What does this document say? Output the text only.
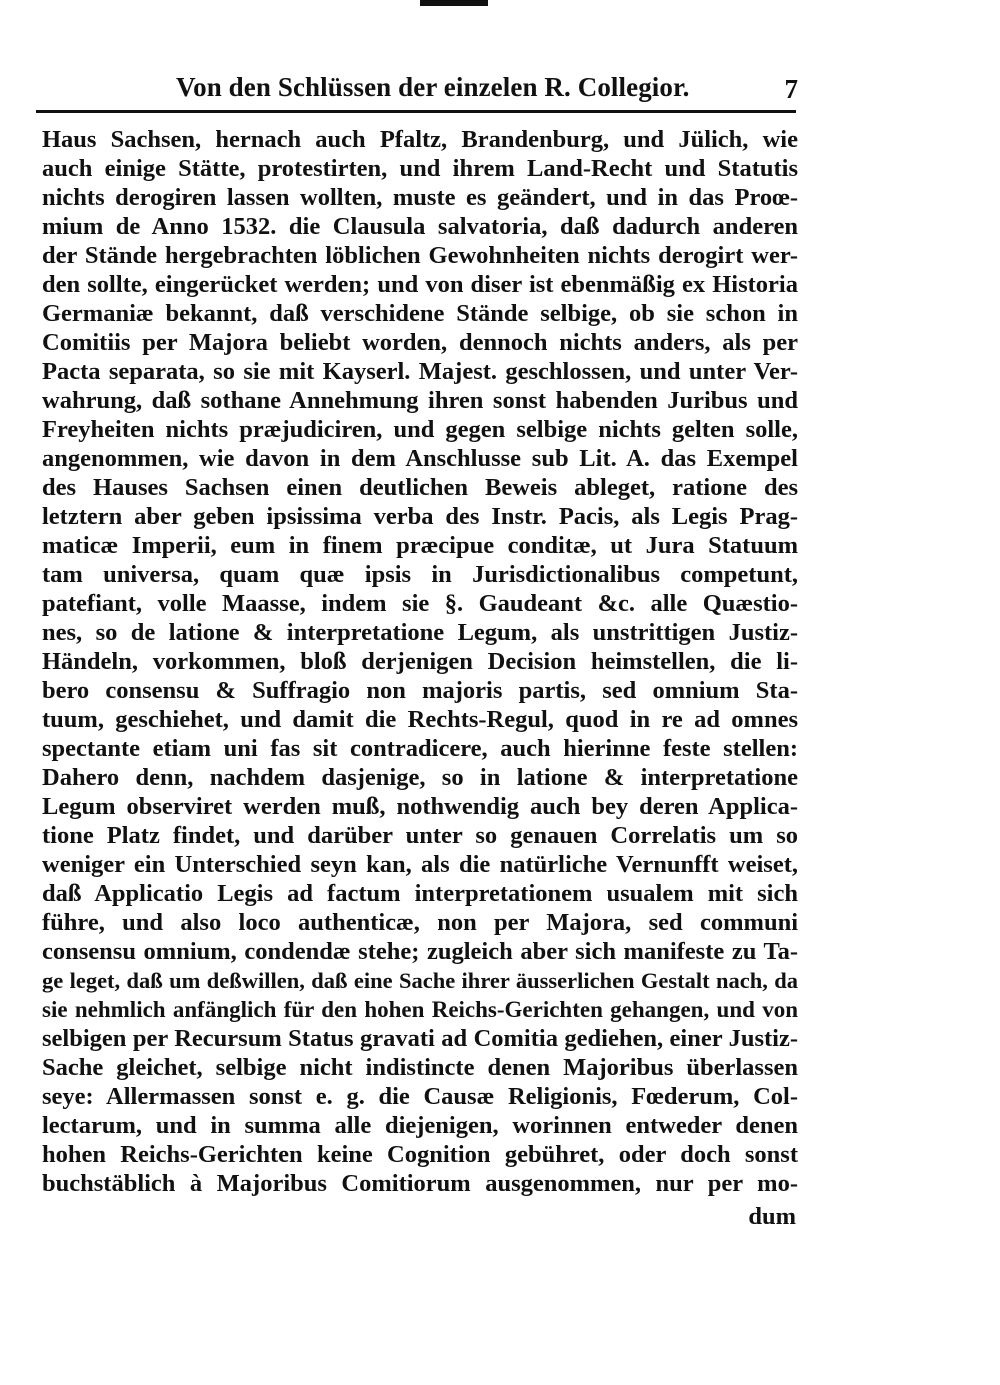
Von den Schlüssen der einzelen R. Collegior.	7
Haus Sachsen, hernach auch Pfaltz, Brandenburg, und Jülich, wie
auch einige Stätte, protestirten, und ihrem Land-Recht und Statutis
nichts derogiren lassen wollten, muste es geändert, und in das Proœ-
mium de Anno 1532. die Clausula salvatoria, daß dadurch anderen
der Stände hergebrachten löblichen Gewohnheiten nichts derogirt wer-
den sollte, eingerücket werden; und von diser ist ebenmäßig ex Historia
Germaniæ bekannt, daß verschidene Stände selbige, ob sie schon in
Comitiis per Majora beliebt worden, dennoch nichts anders, als per
Pacta separata, so sie mit Kayserl. Majest. geschlossen, und unter Ver-
wahrung, daß sothane Annehmung ihren sonst habenden Juribus und
Freyheiten nichts præjudiciren, und gegen selbige nichts gelten solle,
angenommen, wie davon in dem Anschlusse sub Lit. A. das Exempel
des Hauses Sachsen einen deutlichen Beweis ableget, ratione des
letztern aber geben ipsissima verba des Instr. Pacis, als Legis Prag-
maticæ Imperii, eum in finem præcipue conditæ, ut Jura Statuum
tam universa, quam quæ ipsis in Jurisdictionalibus competunt,
patefiant, volle Maasse, indem sie §. Gaudeant &c. alle Quæstio-
nes, so de latione & interpretatione Legum, als unstrittigen Justiz-
Händeln, vorkommen, bloß derjenigen Decision heimstellen, die li-
bero consensu & Suffragio non majoris partis, sed omnium Sta-
tuum, geschiehet, und damit die Rechts-Regul, quod in re ad omnes
spectante etiam uni fas sit contradicere, auch hierinne feste stellen:
Dahero denn, nachdem dasjenige, so in latione & interpretatione
Legum observiret werden muß, nothwendig auch bey deren Applica-
tione Platz findet, und darüber unter so genauen Correlatis um so
weniger ein Unterschied seyn kan, als die natürliche Vernunfft weiset,
daß Applicatio Legis ad factum interpretationem usualem mit sich
führe, und also loco authenticæ, non per Majora, sed communi
consensu omnium, condendæ stehe; zugleich aber sich manifeste zu Ta-
ge leget, daß um deßwillen, daß eine Sache ihrer äusserlichen Gestalt nach, da
sie nehmlich anfänglich für den hohen Reichs-Gerichten gehangen, und von
selbigen per Recursum Status gravati ad Comitia gediehen, einer Justiz-
Sache gleichet, selbige nicht indistincte denen Majoribus überlassen
seye: Allermassen sonst e. g. die Causæ Religionis, Fœderum, Col-
lectarum, und in summa alle diejenigen, worinnen entweder denen
hohen Reichs-Gerichten keine Cognition gebühret, oder doch sonst
buchstäblich à Majoribus Comitiorum ausgenommen, nur per mo-
dum
